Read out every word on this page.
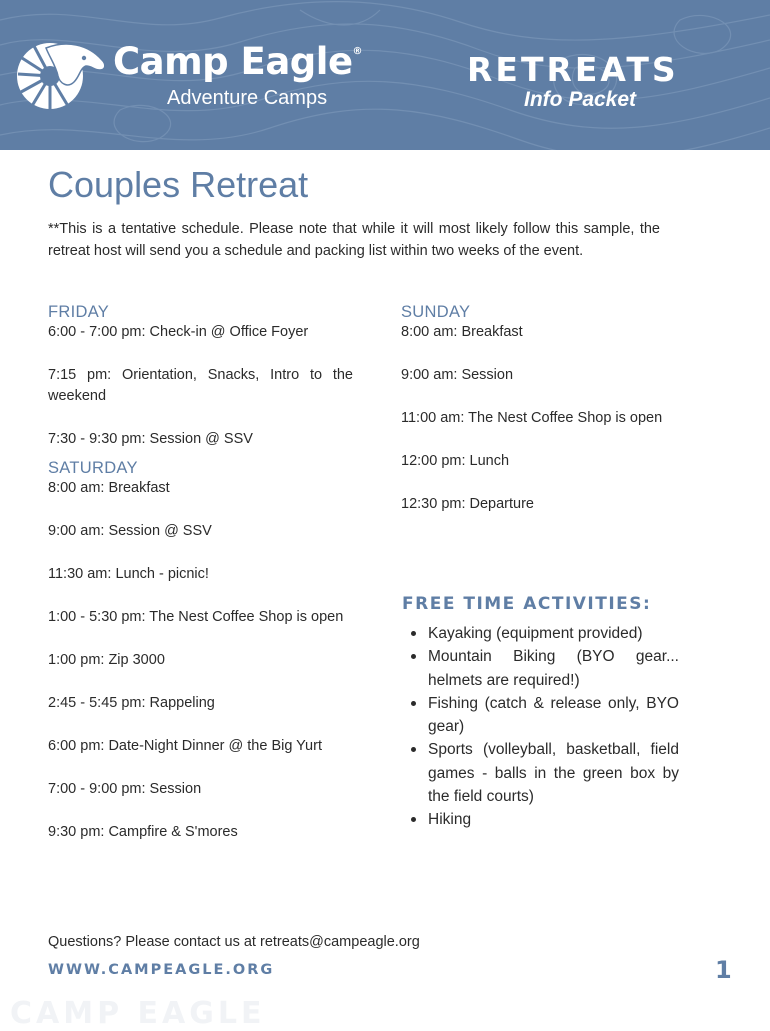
Camp Eagle®
Adventure Camps
RETREATS
Info Packet
Couples Retreat

**This is a tentative schedule. Please note that while it will most likely follow this sample, the retreat host will send you a schedule and packing list within two weeks of the event.

FRIDAY
6:00 - 7:00 pm: Check-in @ Office Foyer
7:15 pm: Orientation, Snacks, Intro to the weekend
7:30 - 9:30 pm: Session @ SSV
SATURDAY
8:00 am: Breakfast
9:00 am: Session @ SSV
11:30 am: Lunch - picnic!
1:00 - 5:30 pm: The Nest Coffee Shop is open
1:00 pm: Zip 3000
2:45 - 5:45 pm: Rappeling
6:00 pm: Date-Night Dinner @ the Big Yurt
7:00 - 9:00 pm: Session
9:30 pm: Campfire & S'mores
SUNDAY
8:00 am: Breakfast
9:00 am: Session
11:00 am: The Nest Coffee Shop is open
12:00 pm: Lunch
12:30 pm: Departure
FREE TIME ACTIVITIES:
Kayaking (equipment provided)
Mountain Biking (BYO gear... helmets are required!)
Fishing (catch & release only, BYO gear)
Sports (volleyball, basketball, field games - balls in the green box by the field courts)
Hiking
Questions? Please contact us at retreats@campeagle.org
WWW.CAMPEAGLE.ORG	1
CAMP EAGLE
